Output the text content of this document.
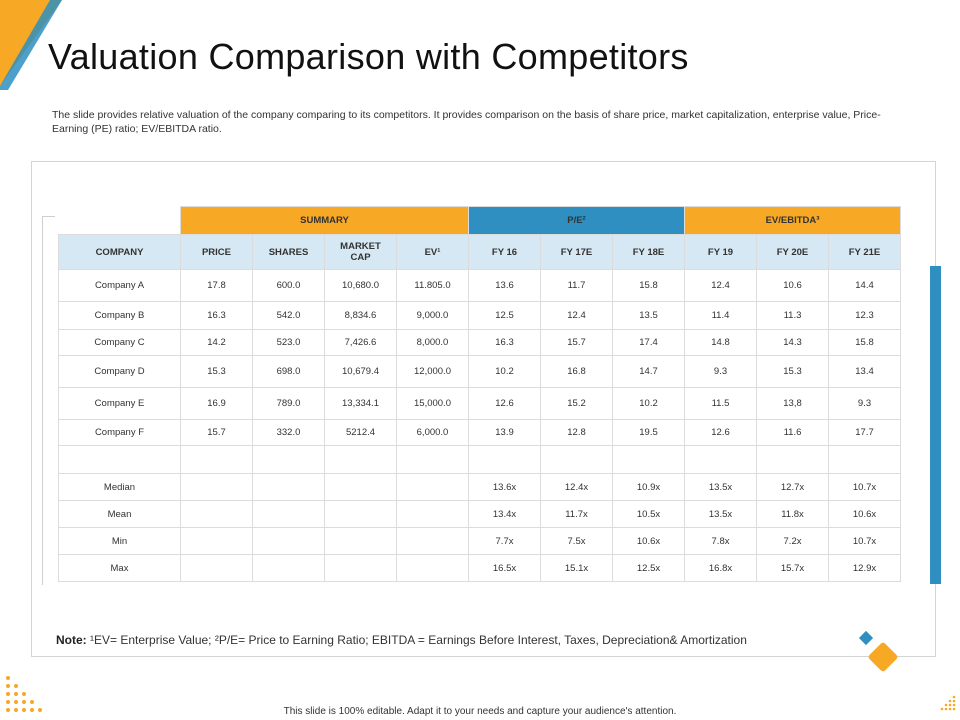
Valuation Comparison with Competitors
The slide provides relative valuation of the company comparing to its competitors. It provides comparison on the basis of share price, market capitalization, enterprise value, Price-Earning (PE) ratio; EV/EBITDA ratio.
	SUMMARY				P/E²			EV/EBITDA³		
COMPANY	PRICE	SHARES	MARKET CAP	EV¹	FY 16	FY 17E	FY 18E	FY 19	FY 20E	FY 21E
Company A	17.8	600.0	10,680.0	11.805.0	13.6	11.7	15.8	12.4	10.6	14.4
Company B	16.3	542.0	8,834.6	9,000.0	12.5	12.4	13.5	11.4	11.3	12.3
Company C	14.2	523.0	7,426.6	8,000.0	16.3	15.7	17.4	14.8	14.3	15.8
Company D	15.3	698.0	10,679.4	12,000.0	10.2	16.8	14.7	9.3	15.3	13.4
Company E	16.9	789.0	13,334.1	15,000.0	12.6	15.2	10.2	11.5	13,8	9.3
Company F	15.7	332.0	5212.4	6,000.0	13.9	12.8	19.5	12.6	11.6	17.7

Median					13.6x	12.4x	10.9x	13.5x	12.7x	10.7x
Mean					13.4x	11.7x	10.5x	13.5x	11.8x	10.6x
Min					7.7x	7.5x	10.6x	7.8x	7.2x	10.7x
Max					16.5x	15.1x	12.5x	16.8x	15.7x	12.9x
Note: ¹EV= Enterprise Value; ²P/E= Price to Earning Ratio; EBITDA = Earnings Before Interest, Taxes, Depreciation& Amortization
This slide is 100% editable. Adapt it to your needs and capture your audience's attention.
